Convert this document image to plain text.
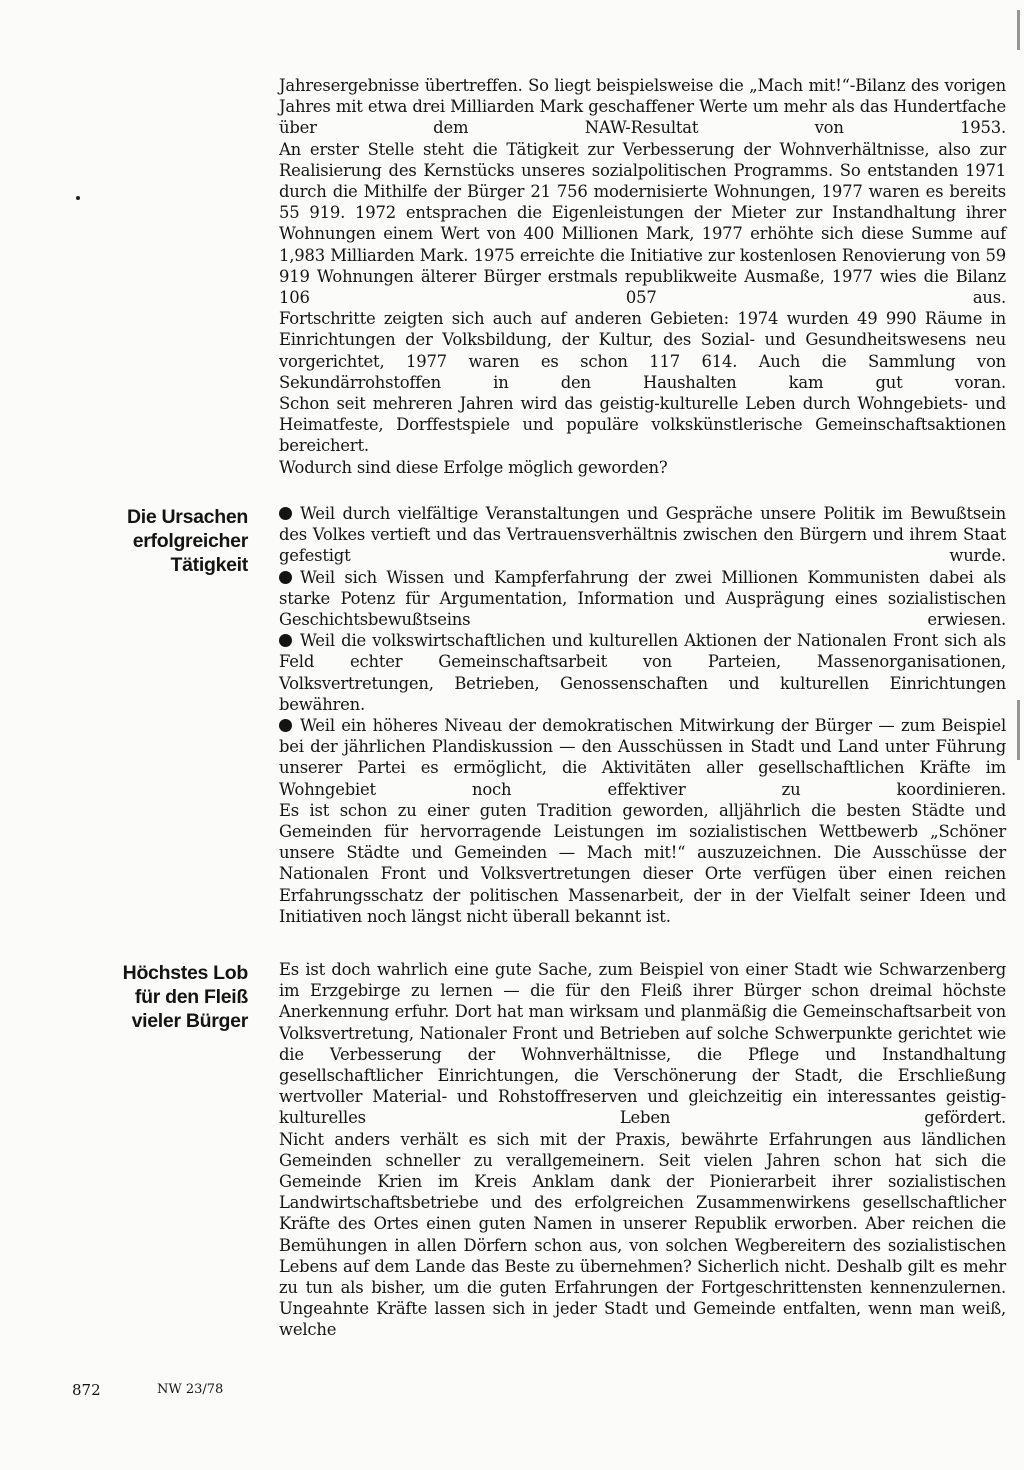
Jahresergebnisse übertreffen. So liegt beispielsweise die „Mach mit!“-Bilanz des vorigen Jahres mit etwa drei Milliarden Mark geschaffener Werte um mehr als das Hundertfache über dem NAW-Resultat von 1953.

An erster Stelle steht die Tätigkeit zur Verbesserung der Wohnverhältnisse, also zur Realisierung des Kernstücks unseres sozialpolitischen Programms. So entstanden 1971 durch die Mithilfe der Bürger 21 756 modernisierte Wohnungen, 1977 waren es bereits 55 919. 1972 entsprachen die Eigenleistungen der Mieter zur Instandhaltung ihrer Wohnungen einem Wert von 400 Millionen Mark, 1977 erhöhte sich diese Summe auf 1,983 Milliarden Mark. 1975 erreichte die Initiative zur kostenlosen Renovierung von 59 919 Wohnungen älterer Bürger erstmals republikweite Ausmaße, 1977 wies die Bilanz 106 057 aus.

Fortschritte zeigten sich auch auf anderen Gebieten: 1974 wurden 49 990 Räume in Einrichtungen der Volksbildung, der Kultur, des Sozial- und Gesundheitswesens neu vorgerichtet, 1977 waren es schon 117 614. Auch die Sammlung von Sekundärrohstoffen in den Haushalten kam gut voran.

Schon seit mehreren Jahren wird das geistig-kulturelle Leben durch Wohngebiets- und Heimatfeste, Dorffestspiele und populäre volkskünstlerische Gemeinschaftsaktionen bereichert.

Wodurch sind diese Erfolge möglich geworden?

Die Ursachen
erfolgreicher
Tätigkeit

Weil durch vielfältige Veranstaltungen und Gespräche unsere Politik im Bewußtsein des Volkes vertieft und das Vertrauensverhältnis zwischen den Bürgern und ihrem Staat gefestigt wurde.

Weil sich Wissen und Kampferfahrung der zwei Millionen Kommunisten dabei als starke Potenz für Argumentation, Information und Ausprägung eines sozialistischen Geschichtsbewußtseins erwiesen.

Weil die volkswirtschaftlichen und kulturellen Aktionen der Nationalen Front sich als Feld echter Gemeinschaftsarbeit von Parteien, Massenorganisationen, Volksvertretungen, Betrieben, Genossenschaften und kulturellen Einrichtungen bewähren.

Weil ein höheres Niveau der demokratischen Mitwirkung der Bürger — zum Beispiel bei der jährlichen Plandiskussion — den Ausschüssen in Stadt und Land unter Führung unserer Partei es ermöglicht, die Aktivitäten aller gesellschaftlichen Kräfte im Wohngebiet noch effektiver zu koordinieren.

Es ist schon zu einer guten Tradition geworden, alljährlich die besten Städte und Gemeinden für hervorragende Leistungen im sozialistischen Wettbewerb „Schöner unsere Städte und Gemeinden — Mach mit!“ auszuzeichnen. Die Ausschüsse der Nationalen Front und Volksvertretungen dieser Orte verfügen über einen reichen Erfahrungsschatz der politischen Massenarbeit, der in der Vielfalt seiner Ideen und Initiativen noch längst nicht überall bekannt ist.

Höchstes Lob
für den Fleiß
vieler Bürger

Es ist doch wahrlich eine gute Sache, zum Beispiel von einer Stadt wie Schwarzenberg im Erzgebirge zu lernen — die für den Fleiß ihrer Bürger schon dreimal höchste Anerkennung erfuhr. Dort hat man wirksam und planmäßig die Gemeinschaftsarbeit von Volksvertretung, Nationaler Front und Betrieben auf solche Schwerpunkte gerichtet wie die Verbesserung der Wohnverhältnisse, die Pflege und Instandhaltung gesellschaftlicher Einrichtungen, die Verschönerung der Stadt, die Erschließung wertvoller Material- und Rohstoffreserven und gleichzeitig ein interessantes geistig-kulturelles Leben gefördert.

Nicht anders verhält es sich mit der Praxis, bewährte Erfahrungen aus ländlichen Gemeinden schneller zu verallgemeinern. Seit vielen Jahren schon hat sich die Gemeinde Krien im Kreis Anklam dank der Pionierarbeit ihrer sozialistischen Landwirtschaftsbetriebe und des erfolgreichen Zusammenwirkens gesellschaftlicher Kräfte des Ortes einen guten Namen in unserer Republik erworben. Aber reichen die Bemühungen in allen Dörfern schon aus, von solchen Wegbereitern des sozialistischen Lebens auf dem Lande das Beste zu übernehmen? Sicherlich nicht. Deshalb gilt es mehr zu tun als bisher, um die guten Erfahrungen der Fortgeschrittensten kennenzulernen. Ungeahnte Kräfte lassen sich in jeder Stadt und Gemeinde entfalten, wenn man weiß, welche

872	NW 23/78
